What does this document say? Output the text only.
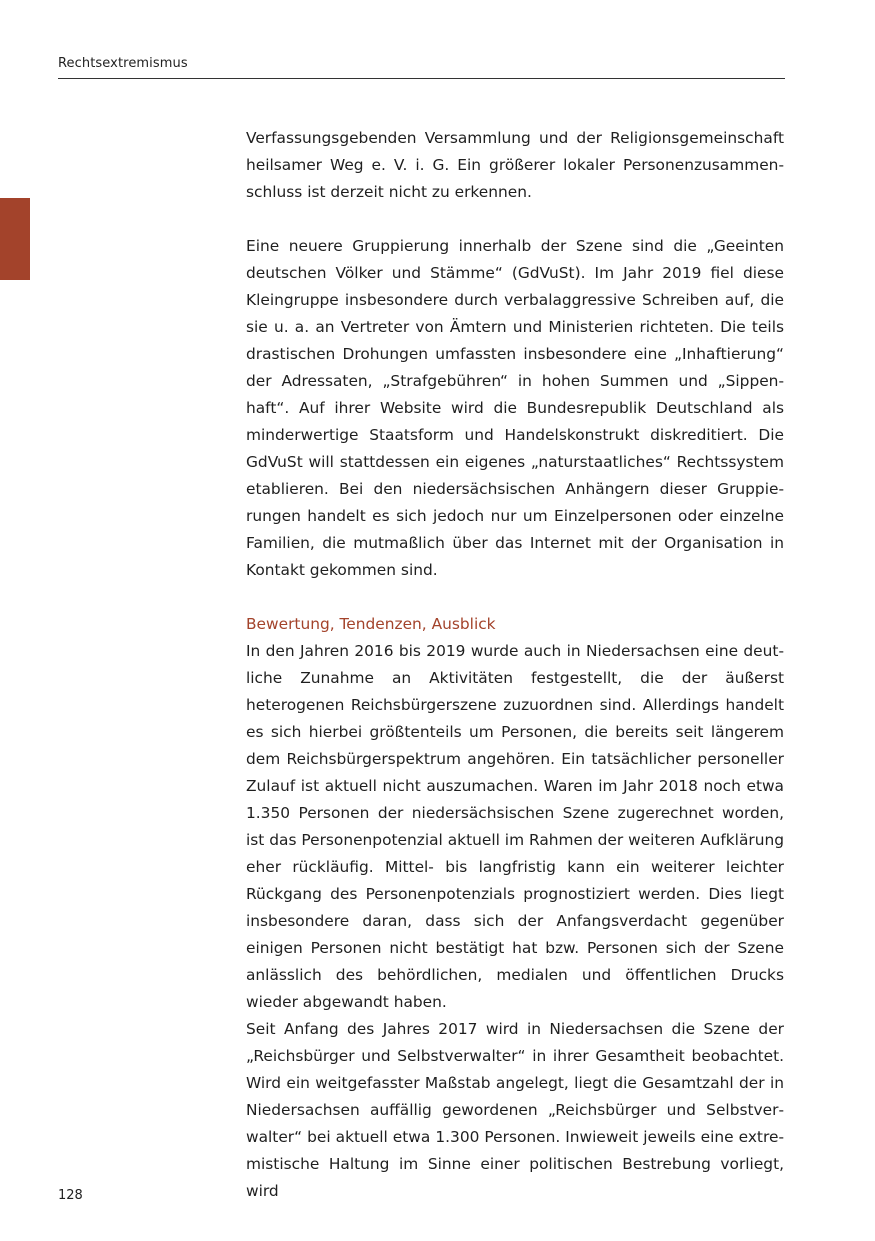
Rechtsextremismus

Verfassungsgebenden Versammlung und der Religionsgemeinschaft heilsamer Weg e. V. i. G. Ein größerer lokaler Personenzusammenschluss ist derzeit nicht zu erkennen.

Eine neuere Gruppierung innerhalb der Szene sind die „Geeinten deutschen Völker und Stämme“ (GdVuSt). Im Jahr 2019 fiel diese Kleingruppe insbesondere durch verbalaggressive Schreiben auf, die sie u. a. an Vertreter von Ämtern und Ministerien richteten. Die teils drastischen Drohungen umfassten insbesondere eine „Inhaftierung“ der Adressaten, „Strafgebühren“ in hohen Summen und „Sippenhaft“. Auf ihrer Website wird die Bundesrepublik Deutschland als minderwertige Staatsform und Handelskonstrukt diskreditiert. Die GdVuSt will stattdessen ein eigenes „naturstaatliches“ Rechtssystem etablieren. Bei den niedersächsischen Anhängern dieser Gruppierungen handelt es sich jedoch nur um Einzelpersonen oder einzelne Familien, die mutmaßlich über das Internet mit der Organisation in Kontakt gekommen sind.

Bewertung, Tendenzen, Ausblick

In den Jahren 2016 bis 2019 wurde auch in Niedersachsen eine deutliche Zunahme an Aktivitäten festgestellt, die der äußerst heterogenen Reichsbürgerszene zuzuordnen sind. Allerdings handelt es sich hierbei größtenteils um Personen, die bereits seit längerem dem Reichsbürgerspektrum angehören. Ein tatsächlicher personeller Zulauf ist aktuell nicht auszumachen. Waren im Jahr 2018 noch etwa 1.350 Personen der niedersächsischen Szene zugerechnet worden, ist das Personenpotenzial aktuell im Rahmen der weiteren Aufklärung eher rückläufig. Mittel- bis langfristig kann ein weiterer leichter Rückgang des Personenpotenzials prognostiziert werden. Dies liegt insbesondere daran, dass sich der Anfangsverdacht gegenüber einigen Personen nicht bestätigt hat bzw. Personen sich der Szene anlässlich des behördlichen, medialen und öffentlichen Drucks wieder abgewandt haben.

Seit Anfang des Jahres 2017 wird in Niedersachsen die Szene der „Reichsbürger und Selbstverwalter“ in ihrer Gesamtheit beobachtet. Wird ein weitgefasster Maßstab angelegt, liegt die Gesamtzahl der in Niedersachsen auffällig gewordenen „Reichsbürger und Selbstverwalter“ bei aktuell etwa 1.300 Personen. Inwieweit jeweils eine extremistische Haltung im Sinne einer politischen Bestrebung vorliegt, wird

128
